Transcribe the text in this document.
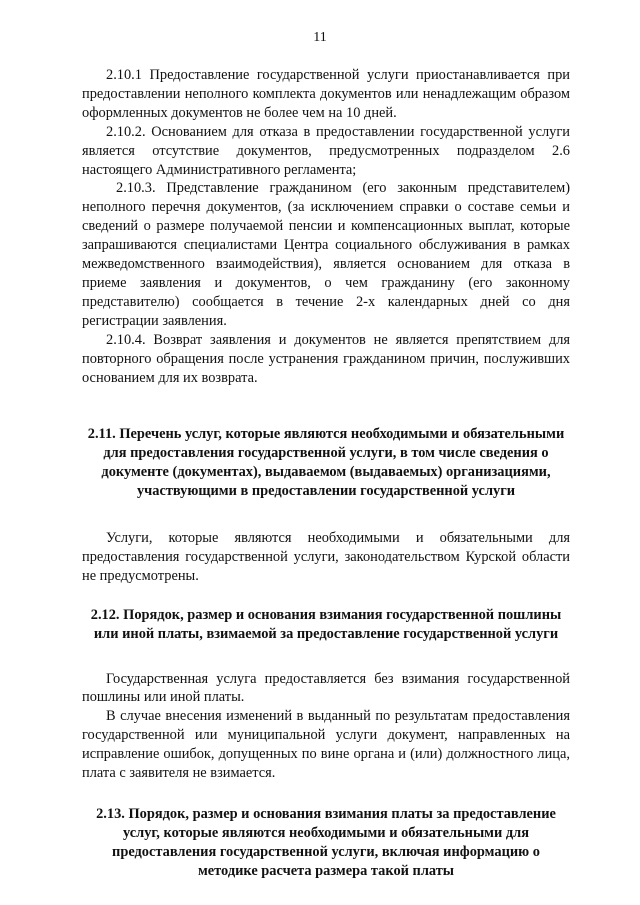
11

2.10.1 Предоставление государственной услуги приостанавливается при предоставлении неполного комплекта документов или ненадлежащим образом оформленных документов не более чем на 10 дней.

2.10.2. Основанием для отказа в предоставлении государственной услуги является отсутствие документов, предусмотренных подразделом 2.6 настоящего Административного регламента;

2.10.3. Представление гражданином (его законным представителем) неполного перечня документов, (за исключением справки о составе семьи и сведений о размере получаемой пенсии и компенсационных выплат, которые запрашиваются специалистами Центра социального обслуживания в рамках межведомственного взаимодействия), является основанием для отказа в приеме заявления и документов, о чем гражданину (его законному представителю) сообщается в течение 2-х календарных дней со дня регистрации заявления.

2.10.4. Возврат заявления и документов не является препятствием для повторного обращения после устранения гражданином причин, послуживших основанием для их возврата.

2.11. Перечень услуг, которые являются необходимыми и обязательными для предоставления государственной услуги, в том числе сведения о документе (документах), выдаваемом (выдаваемых) организациями, участвующими в предоставлении государственной услуги

Услуги, которые являются необходимыми и обязательными для предоставления государственной услуги, законодательством Курской области не предусмотрены.

2.12. Порядок, размер и основания взимания государственной пошлины или иной платы, взимаемой за предоставление государственной услуги

Государственная услуга предоставляется без взимания государственной пошлины или иной платы.

В случае внесения изменений в выданный по результатам предоставления государственной или муниципальной услуги документ, направленных на исправление ошибок, допущенных по вине органа и (или) должностного лица, плата с заявителя не взимается.

2.13. Порядок, размер и основания взимания платы за предоставление услуг, которые являются необходимыми и обязательными для предоставления государственной услуги, включая информацию о методике расчета размера такой платы
